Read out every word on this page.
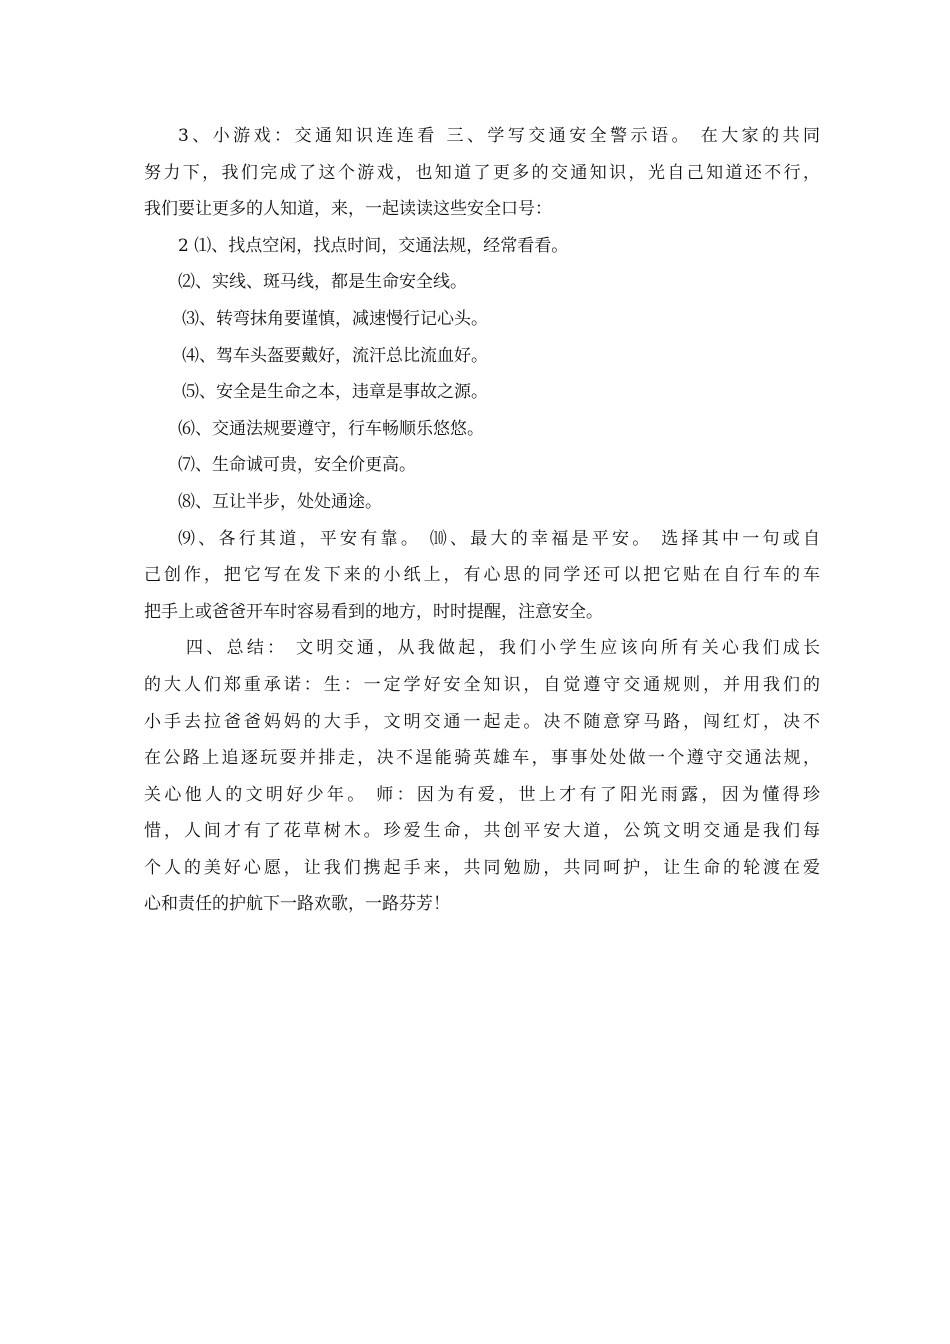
3、小游戏：交通知识连连看 三、学写交通安全警示语。 在大家的共同
努力下，我们完成了这个游戏，也知道了更多的交通知识，光自己知道还不行，
我们要让更多的人知道，来，一起读读这些安全口号：
2 ⑴、找点空闲，找点时间，交通法规，经常看看。
⑵、实线、斑马线，都是生命安全线。
⑶、转弯抹角要谨慎，减速慢行记心头。
⑷、驾车头盔要戴好，流汗总比流血好。
⑸、安全是生命之本，违章是事故之源。
⑹、交通法规要遵守，行车畅顺乐悠悠。
⑺、生命诚可贵，安全价更高。
⑻、互让半步，处处通途。
⑼、各行其道，平安有靠。 ⑽、最大的幸福是平安。 选择其中一句或自
己创作，把它写在发下来的小纸上，有心思的同学还可以把它贴在自行车的车
把手上或爸爸开车时容易看到的地方，时时提醒，注意安全。
四、总结： 文明交通，从我做起，我们小学生应该向所有关心我们成长
的大人们郑重承诺：生：一定学好安全知识，自觉遵守交通规则，并用我们的
小手去拉爸爸妈妈的大手，文明交通一起走。决不随意穿马路，闯红灯，决不
在公路上追逐玩耍并排走，决不逞能骑英雄车，事事处处做一个遵守交通法规，
关心他人的文明好少年。 师：因为有爱，世上才有了阳光雨露，因为懂得珍
惜，人间才有了花草树木。珍爱生命，共创平安大道，公筑文明交通是我们每
个人的美好心愿，让我们携起手来，共同勉励，共同呵护，让生命的轮渡在爱
心和责任的护航下一路欢歌，一路芬芳！
